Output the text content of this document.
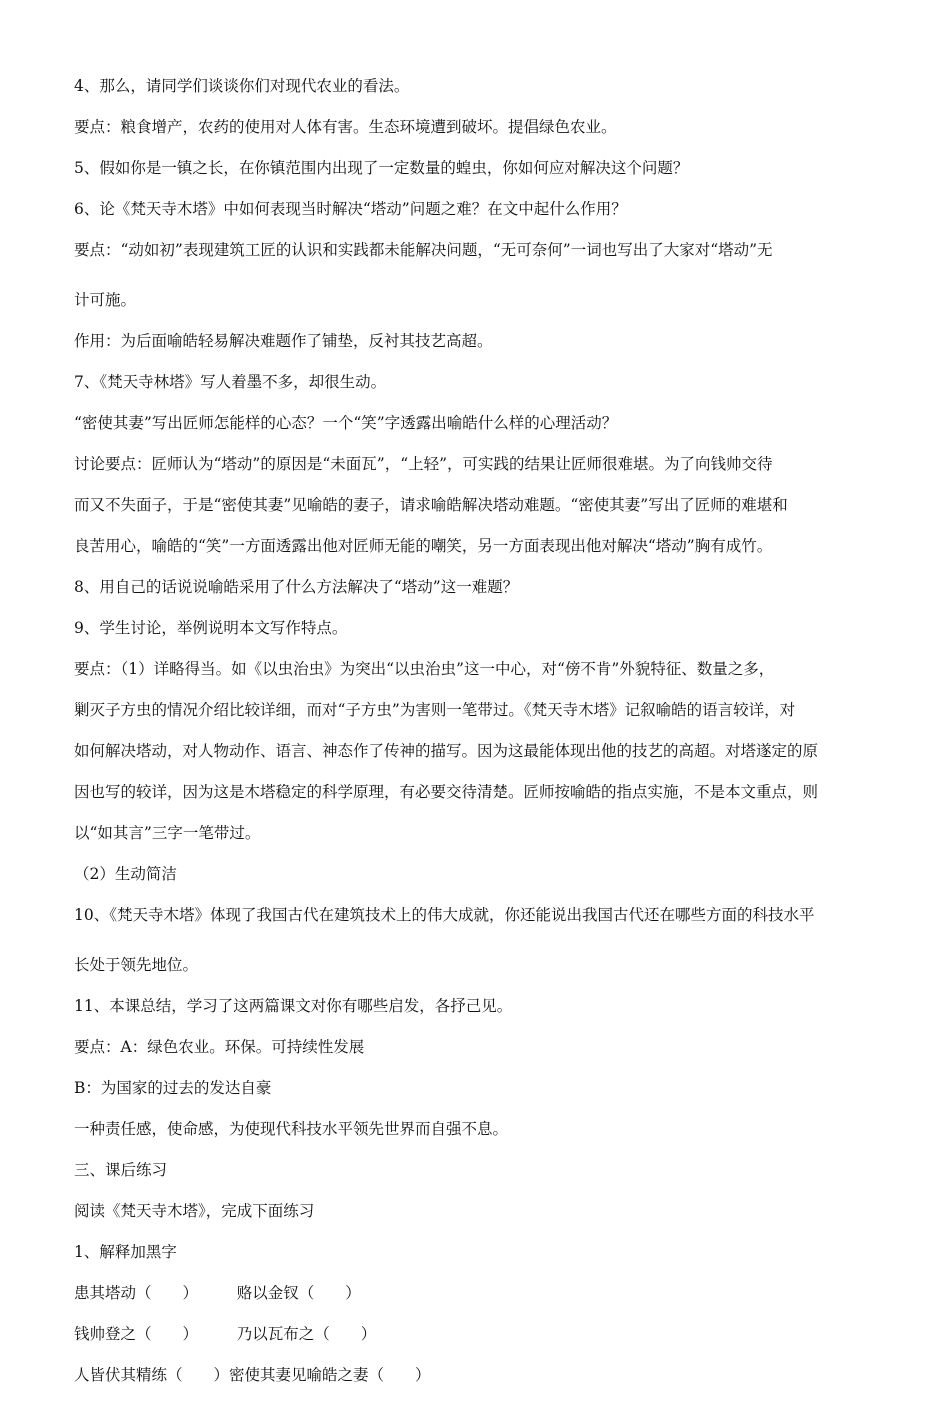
4、那么，请同学们谈谈你们对现代农业的看法。
要点：粮食增产，农药的使用对人体有害。生态环境遭到破坏。提倡绿色农业。
5、假如你是一镇之长，在你镇范围内出现了一定数量的蝗虫，你如何应对解决这个问题？
6、论《梵天寺木塔》中如何表现当时解决“塔动”问题之难？在文中起什么作用？
要点：“动如初”表现建筑工匠的认识和实践都未能解决问题，“无可奈何”一词也写出了大家对“塔动”无
计可施。
作用：为后面喻皓轻易解决难题作了铺垫，反衬其技艺高超。
7、《梵天寺林塔》写人着墨不多，却很生动。
“密使其妻”写出匠师怎能样的心态？一个“笑”字透露出喻皓什么样的心理活动？
讨论要点：匠师认为“塔动”的原因是“未面瓦”，“上轻”，可实践的结果让匠师很难堪。为了向钱帅交待
而又不失面子，于是“密使其妻”见喻皓的妻子，请求喻皓解决塔动难题。“密使其妻”写出了匠师的难堪和
良苦用心，喻皓的“笑”一方面透露出他对匠师无能的嘲笑，另一方面表现出他对解决“塔动”胸有成竹。
8、用自己的话说说喻皓采用了什么方法解决了“塔动”这一难题？
9、学生讨论，举例说明本文写作特点。
要点：（1）详略得当。如《以虫治虫》为突出“以虫治虫”这一中心，对“傍不肯”外貌特征、数量之多，
剿灭子方虫的情况介绍比较详细，而对“子方虫”为害则一笔带过。《梵天寺木塔》记叙喻皓的语言较详，对
如何解决塔动，对人物动作、语言、神态作了传神的描写。因为这最能体现出他的技艺的高超。对塔遂定的原
因也写的较详，因为这是木塔稳定的科学原理，有必要交待清楚。匠师按喻皓的指点实施，不是本文重点，则
以“如其言”三字一笔带过。
（2）生动简洁
10、《梵天寺木塔》体现了我国古代在建筑技术上的伟大成就，你还能说出我国古代还在哪些方面的科技水平
长处于领先地位。
11、本课总结，学习了这两篇课文对你有哪些启发，各抒己见。
要点：A：绿色农业。环保。可持续性发展
B：为国家的过去的发达自豪
一种责任感，使命感，为使现代科技水平领先世界而自强不息。
三、课后练习
阅读《梵天寺木塔》，完成下面练习
1、解释加黑字
患其塔动（　　）　　　赂以金钗（　　）
钱帅登之（　　）　　　乃以瓦布之（　　）
人皆伏其精练（　　）密使其妻见喻皓之妻（　　）
